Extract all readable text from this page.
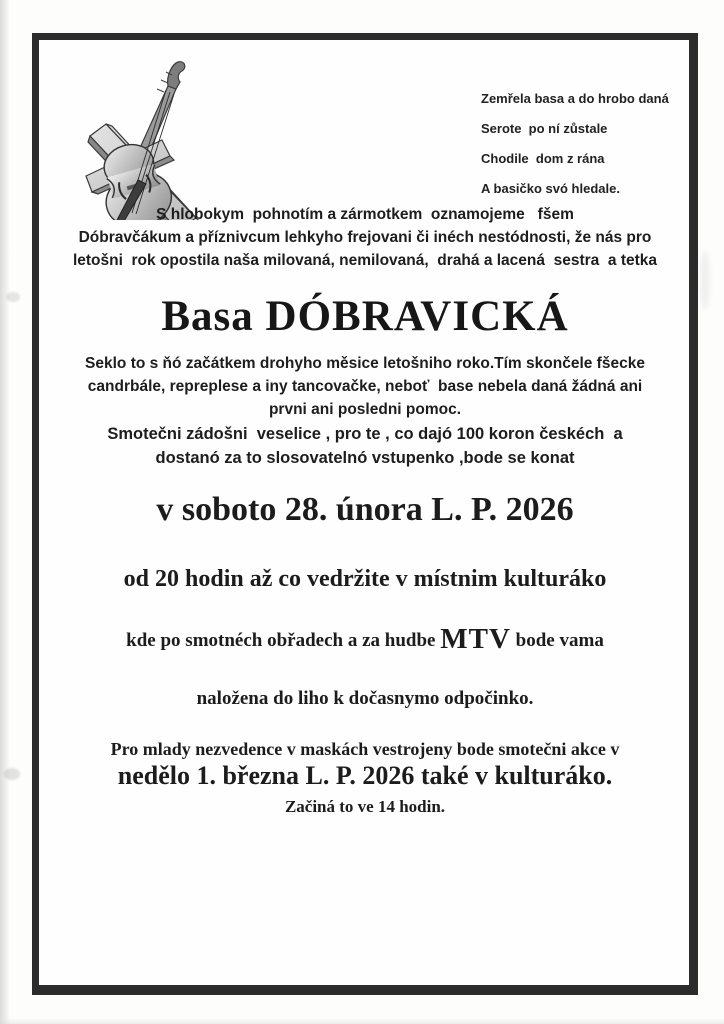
Zemřela basa a do hrobo daná
Serote  po ní zůstale
Chodile  dom z rána
A basičko svó hledale.
S hlobokym  pohnotím a zármotkem  oznamojeme   fšem
Dóbravčákum a příznivcum lehkyho frejovani či inéch nestódnosti, že nás pro
letošni  rok opostila naša milovaná, nemilovaná,  drahá a lacená  sestra  a tetka
Basa DÓBRAVICKÁ
Seklo to s ňó začátkem drohyho měsice letošniho roko.Tím skončele fšecke
candrbále, repreplese a iny tancovačke, neboť  base nebela daná žádná ani
prvni ani posledni pomoc.
Smotečni zádošni  veselice , pro te , co dajó 100 koron českéch  a
dostanó za to slosovatelnó vstupenko ,bode se konat
v soboto 28. února L. P. 2026
od 20 hodin až co vedržite v místnim kulturáko
kde po smotnéch obřadech a za hudbe MTV bode vama
naložena do liho k dočasnymo odpočinko.
Pro mlady nezvedence v maskách vestrojeny bode smotečni akce v
nedělo 1. března L. P. 2026 také v kulturáko.
Začiná to ve 14 hodin.
